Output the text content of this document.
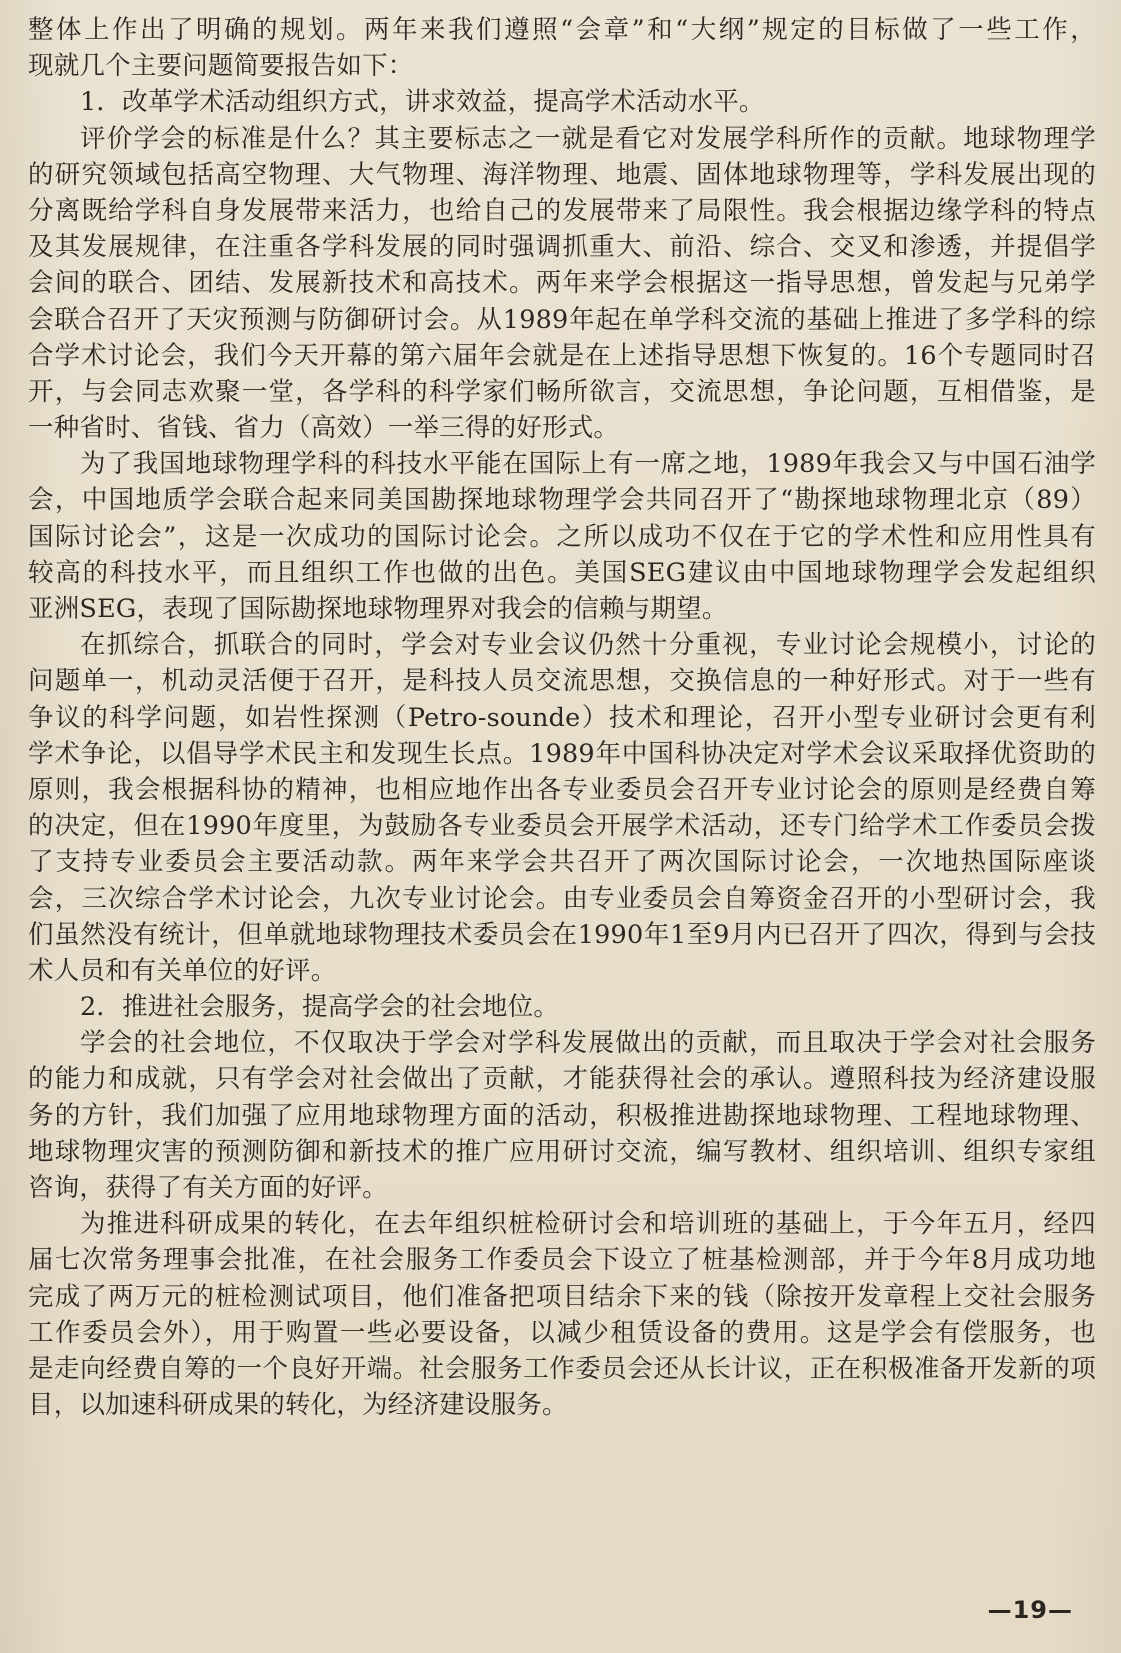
整体上作出了明确的规划。两年来我们遵照“会章”和“大纲”规定的目标做了一些工作，
现就几个主要问题简要报告如下：
1．改革学术活动组织方式，讲求效益，提高学术活动水平。
评价学会的标准是什么？其主要标志之一就是看它对发展学科所作的贡献。地球物理学
的研究领域包括高空物理、大气物理、海洋物理、地震、固体地球物理等，学科发展出现的
分离既给学科自身发展带来活力，也给自己的发展带来了局限性。我会根据边缘学科的特点
及其发展规律，在注重各学科发展的同时强调抓重大、前沿、综合、交叉和渗透，并提倡学
会间的联合、团结、发展新技术和高技术。两年来学会根据这一指导思想，曾发起与兄弟学
会联合召开了天灾预测与防御研讨会。从1989年起在单学科交流的基础上推进了多学科的综
合学术讨论会，我们今天开幕的第六届年会就是在上述指导思想下恢复的。16个专题同时召
开，与会同志欢聚一堂，各学科的科学家们畅所欲言，交流思想，争论问题，互相借鉴，是
一种省时、省钱、省力（高效）一举三得的好形式。
为了我国地球物理学科的科技水平能在国际上有一席之地，1989年我会又与中国石油学
会，中国地质学会联合起来同美国勘探地球物理学会共同召开了“勘探地球物理北京（89）
国际讨论会”，这是一次成功的国际讨论会。之所以成功不仅在于它的学术性和应用性具有
较高的科技水平，而且组织工作也做的出色。美国SEG建议由中国地球物理学会发起组织
亚洲SEG，表现了国际勘探地球物理界对我会的信赖与期望。
在抓综合，抓联合的同时，学会对专业会议仍然十分重视，专业讨论会规模小，讨论的
问题单一，机动灵活便于召开，是科技人员交流思想，交换信息的一种好形式。对于一些有
争议的科学问题，如岩性探测（Petro-sounde）技术和理论，召开小型专业研讨会更有利
学术争论，以倡导学术民主和发现生长点。1989年中国科协决定对学术会议采取择优资助的
原则，我会根据科协的精神，也相应地作出各专业委员会召开专业讨论会的原则是经费自筹
的决定，但在1990年度里，为鼓励各专业委员会开展学术活动，还专门给学术工作委员会拨
了支持专业委员会主要活动款。两年来学会共召开了两次国际讨论会，一次地热国际座谈
会，三次综合学术讨论会，九次专业讨论会。由专业委员会自筹资金召开的小型研讨会，我
们虽然没有统计，但单就地球物理技术委员会在1990年1至9月内已召开了四次，得到与会技
术人员和有关单位的好评。
2．推进社会服务，提高学会的社会地位。
学会的社会地位，不仅取决于学会对学科发展做出的贡献，而且取决于学会对社会服务
的能力和成就，只有学会对社会做出了贡献，才能获得社会的承认。遵照科技为经济建设服
务的方针，我们加强了应用地球物理方面的活动，积极推进勘探地球物理、工程地球物理、
地球物理灾害的预测防御和新技术的推广应用研讨交流，编写教材、组织培训、组织专家组
咨询，获得了有关方面的好评。
为推进科研成果的转化，在去年组织桩检研讨会和培训班的基础上，于今年五月，经四
届七次常务理事会批准，在社会服务工作委员会下设立了桩基检测部，并于今年8月成功地
完成了两万元的桩检测试项目，他们准备把项目结余下来的钱（除按开发章程上交社会服务
工作委员会外），用于购置一些必要设备，以减少租赁设备的费用。这是学会有偿服务，也
是走向经费自筹的一个良好开端。社会服务工作委员会还从长计议，正在积极准备开发新的项
目，以加速科研成果的转化，为经济建设服务。
—19—
